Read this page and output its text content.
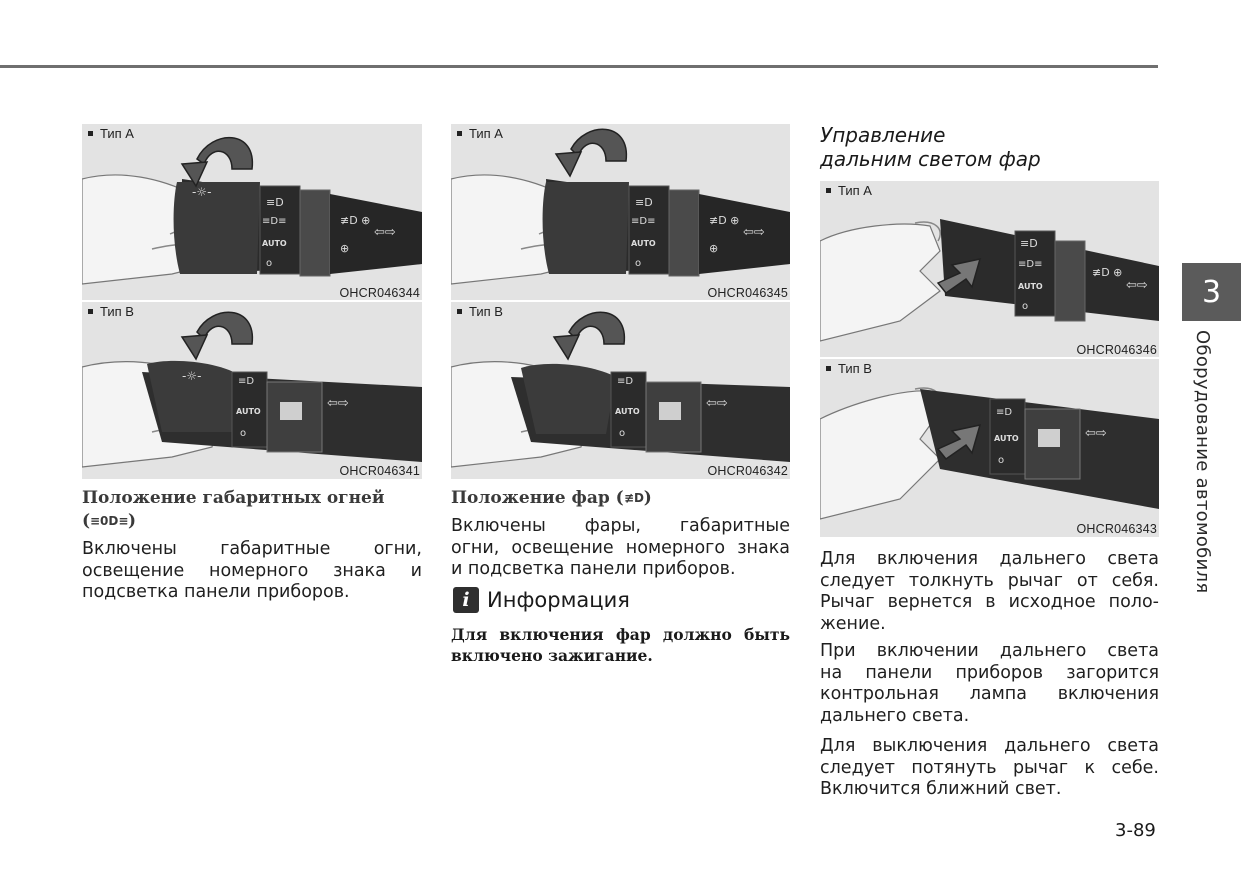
-☼-
≡D
≡D≡
AUTO
o
≢D ⊕
⊕
⇦⇨
Тип A
OHCR046344
-☼-	≡D
AUTO
o
⇦⇨
Тип B
OHCR046341
≡D
≡D≡
AUTO
o
≢D ⊕
⊕
⇦⇨
Тип A
OHCR046345
≡D
AUTO
o
⇦⇨
Тип B
OHCR046342
≡D
≡D≡
AUTO
o
≢D ⊕
⇦⇨
Тип A
OHCR046346
≡D
AUTO
o
⇦⇨
Тип B
OHCR046343
Положение габаритных огней
( ≡0D≡ )
Включены габаритные огни,
освещение номерного знака и
подсветка панели приборов.
Положение фар ( ≢D )
Включены фары, габаритные
огни, освещение номерного знака
и подсветка панели приборов.
i Информация
Для включения фар должно быть
включено зажигание.
Управление
дальним светом фар
Для включения дальнего света
следует толкнуть рычаг от себя.
Рычаг вернется в исходное поло-
жение.
При включении дальнего света
на панели приборов загорится
контрольная лампа включения
дальнего света.
Для выключения дальнего света
следует потянуть рычаг к себе.
Включится ближний свет.
3
Оборудование автомобиля
3-89
